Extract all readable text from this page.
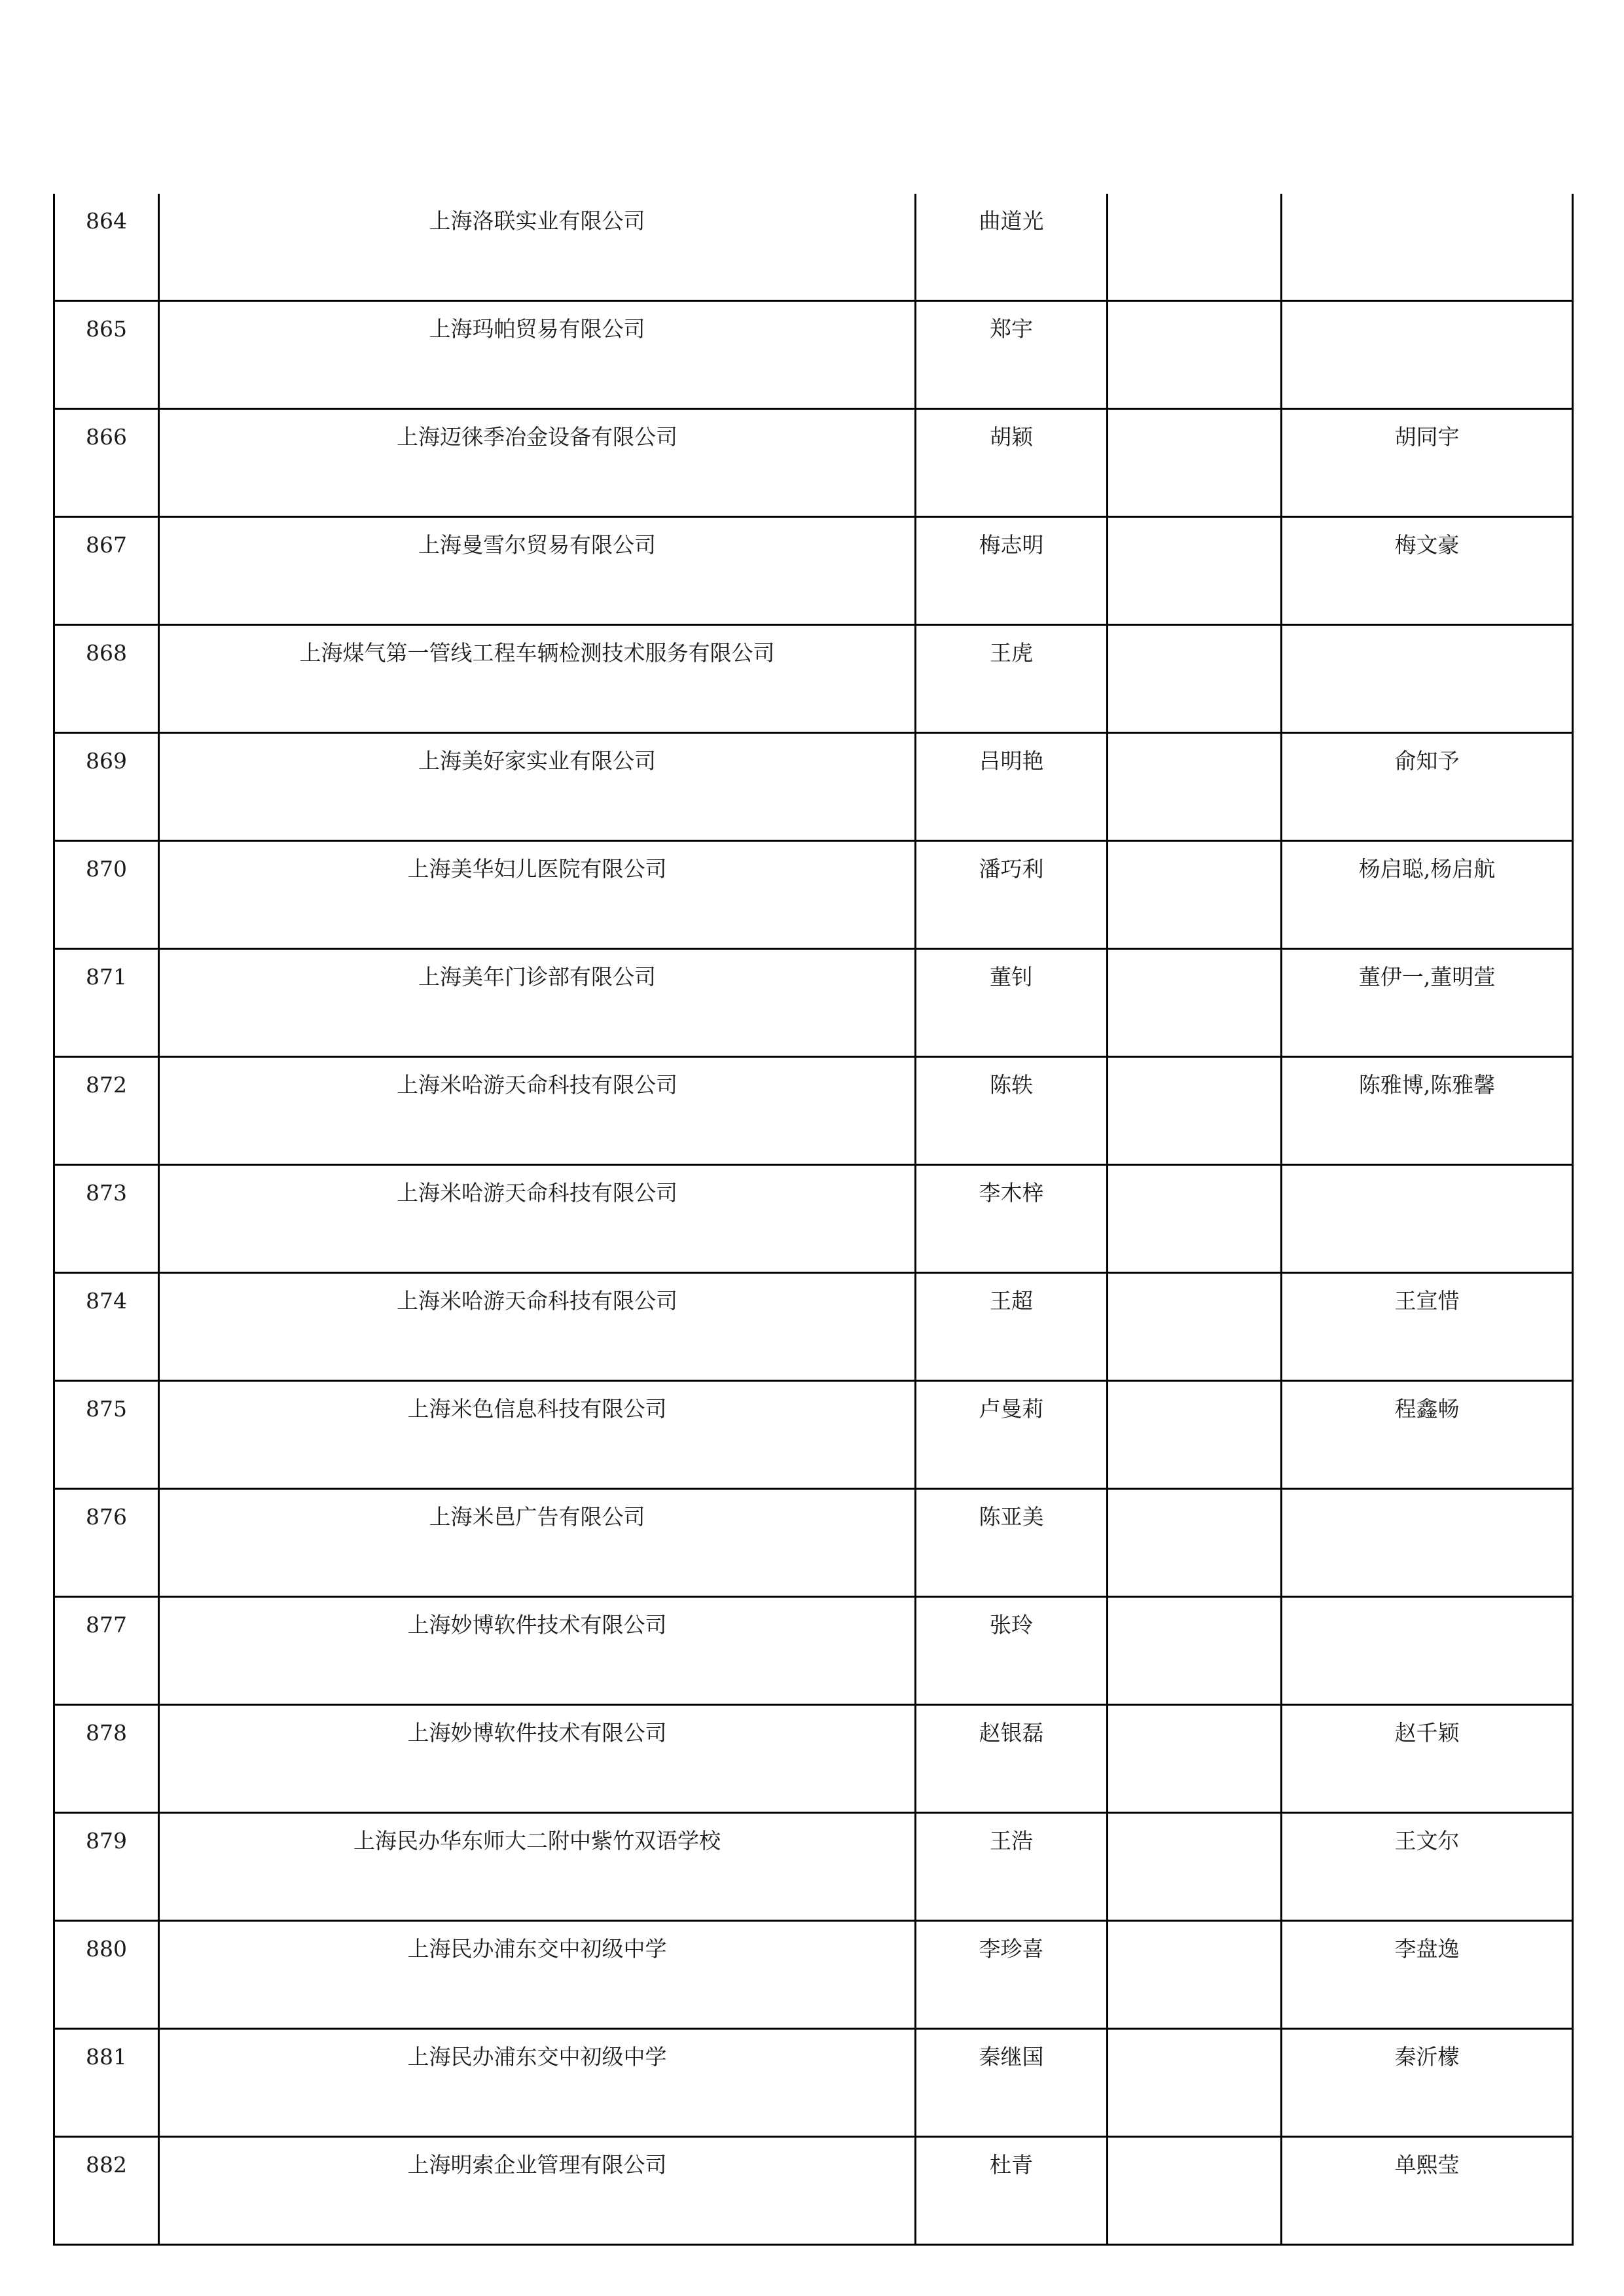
864	上海洛联实业有限公司	曲道光		
865	上海玛帕贸易有限公司	郑宇		
866	上海迈徕季冶金设备有限公司	胡颖		胡同宇
867	上海曼雪尔贸易有限公司	梅志明		梅文豪
868	上海煤气第一管线工程车辆检测技术服务有限公司	王虎		
869	上海美好家实业有限公司	吕明艳		俞知予
870	上海美华妇儿医院有限公司	潘巧利		杨启聪,杨启航
871	上海美年门诊部有限公司	董钊		董伊一,董明萱
872	上海米哈游天命科技有限公司	陈轶		陈雅博,陈雅馨
873	上海米哈游天命科技有限公司	李木梓		
874	上海米哈游天命科技有限公司	王超		王宣惜
875	上海米色信息科技有限公司	卢曼莉		程鑫畅
876	上海米邑广告有限公司	陈亚美		
877	上海妙博软件技术有限公司	张玲		
878	上海妙博软件技术有限公司	赵银磊		赵千颖
879	上海民办华东师大二附中紫竹双语学校	王浩		王文尔
880	上海民办浦东交中初级中学	李珍喜		李盘逸
881	上海民办浦东交中初级中学	秦继国		秦沂檬
882	上海明索企业管理有限公司	杜青		单熙莹
